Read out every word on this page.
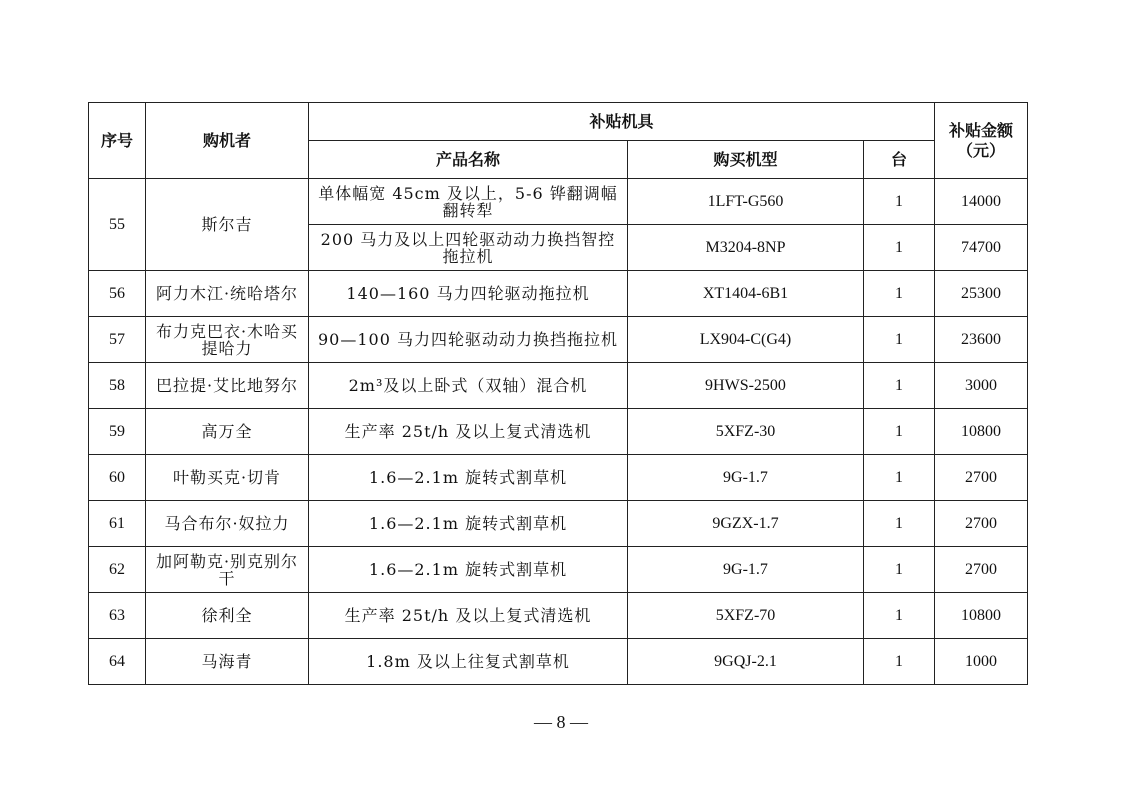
序号	购机者	补贴机具			补贴金额
（元）
		产品名称	购买机型	台	
55	斯尔吉	单体幅宽 45cm 及以上，5-6 铧翻调幅翻转犁	1LFT-G560	1	14000
		200 马力及以上四轮驱动动力换挡智控拖拉机	M3204-8NP	1	74700
56	阿力木江·统哈塔尔	140—160 马力四轮驱动拖拉机	XT1404-6B1	1	25300
57	布力克巴衣·木哈买提哈力	90—100 马力四轮驱动动力换挡拖拉机	LX904-C(G4)	1	23600
58	巴拉提·艾比地努尔	2m³及以上卧式（双轴）混合机	9HWS-2500	1	3000
59	高万全	生产率 25t/h 及以上复式清选机	5XFZ-30	1	10800
60	叶勒买克·切肯	1.6—2.1m 旋转式割草机	9G-1.7	1	2700
61	马合布尔·奴拉力	1.6—2.1m 旋转式割草机	9GZX-1.7	1	2700
62	加阿勒克·别克别尔干	1.6—2.1m 旋转式割草机	9G-1.7	1	2700
63	徐利全	生产率 25t/h 及以上复式清选机	5XFZ-70	1	10800
64	马海青	1.8m 及以上往复式割草机	9GQJ-2.1	1	1000
— 8 —
